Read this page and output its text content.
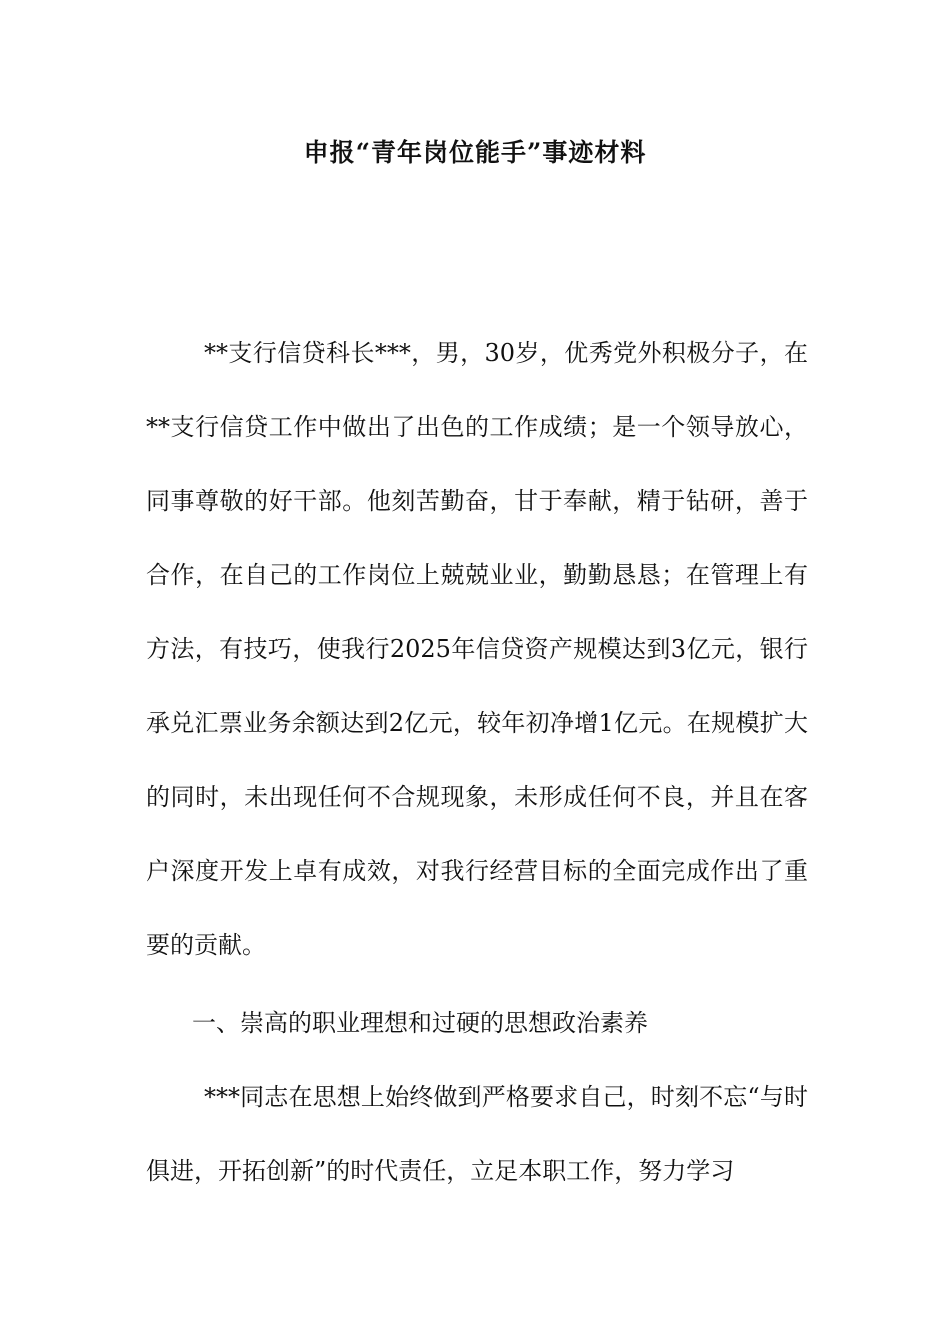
申报“青年岗位能手”事迹材料

**支行信贷科长***，男，30岁，优秀党外积极分子，在**支行信贷工作中做出了出色的工作成绩；是一个领导放心，同事尊敬的好干部。他刻苦勤奋，甘于奉献，精于钻研，善于合作，在自己的工作岗位上兢兢业业，勤勤恳恳；在管理上有方法，有技巧，使我行2025年信贷资产规模达到3亿元，银行承兑汇票业务余额达到2亿元，较年初净增1亿元。在规模扩大的同时，未出现任何不合规现象，未形成任何不良，并且在客户深度开发上卓有成效，对我行经营目标的全面完成作出了重要的贡献。

一、崇高的职业理想和过硬的思想政治素养

***同志在思想上始终做到严格要求自己，时刻不忘“与时俱进，开拓创新”的时代责任，立足本职工作，努力学习
